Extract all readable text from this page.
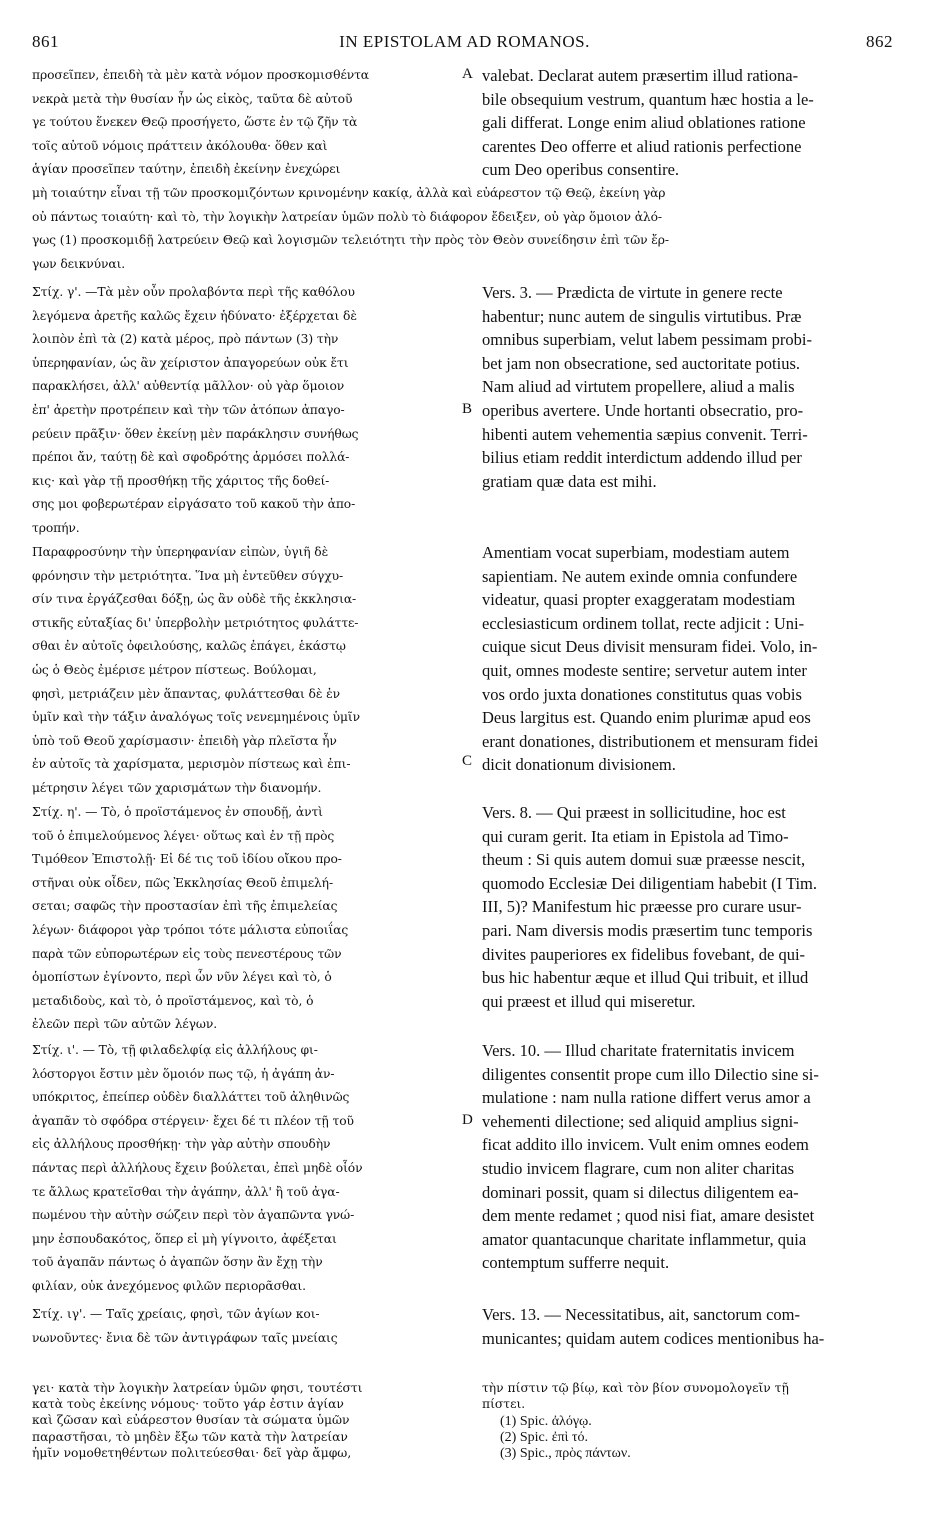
861	IN EPISTOLAM AD ROMANOS.	862

προσεῖπεν, ἐπειδὴ τὰ μὲν κατὰ νόμον προσκομισθέντα
νεκρὰ μετὰ τὴν θυσίαν ἦν ὡς εἰκὸς, ταῦτα δὲ αὐτοῦ
γε τούτου ἕνεκεν Θεῷ προσήγετο, ὥστε ἐν τῷ ζῆν τὰ
τοῖς αὐτοῦ νόμοις πράττειν ἀκόλουθα· ὅθεν καὶ
ἁγίαν προσεῖπεν ταύτην, ἐπειδὴ ἐκείνην ἐνεχώρει

A valebat. Declarat autem præsertim illud rationa-
bile obsequium vestrum, quantum hæc hostia a le-
gali differat. Longe enim aliud oblationes ratione
carentes Deo offerre et aliud rationis perfectione
cum Deo operibus consentire.

μὴ τοιαύτην εἶναι τῇ τῶν προσκομιζόντων κρινομένην κακίᾳ, ἀλλὰ καὶ εὐάρεστον τῷ Θεῷ, ἐκείνη γὰρ
οὐ πάντως τοιαύτη· καὶ τὸ, τὴν λογικὴν λατρείαν ὑμῶν πολὺ τὸ διάφορον ἔδειξεν, οὐ γὰρ ὅμοιον ἀλό-
γως (1) προσκομιδῇ λατρεύειν Θεῷ καὶ λογισμῶν τελειότητι τὴν πρὸς τὸν Θεὸν συνείδησιν ἐπὶ τῶν ἔρ-
γων δεικνύναι.

Στίχ. γ'. —Τὰ μὲν οὖν προλαβόντα περὶ τῆς καθόλου
λεγόμενα ἀρετῆς καλῶς ἔχειν ἡδύνατο· ἐξέρχεται δὲ
λοιπὸν ἐπὶ τὰ (2) κατὰ μέρος, πρὸ πάντων (3) τὴν
ὑπερηφανίαν, ὡς ἂν χείριστον ἀπαγορεύων οὐκ ἔτι
παρακλήσει, ἀλλ' αὐθεντίᾳ μᾶλλον· οὐ γὰρ ὅμοιον
ἐπ' ἀρετὴν προτρέπειν καὶ τὴν τῶν ἀτόπων ἀπαγο-
ρεύειν πρᾶξιν· ὅθεν ἐκείνῃ μὲν παράκλησιν συνήθως
πρέποι ἄν, ταύτῃ δὲ καὶ σφοδρότης ἁρμόσει πολλά-
κις· καὶ γὰρ τῇ προσθήκῃ τῆς χάριτος τῆς δοθεί-
σης μοι φοβερωτέραν εἰργάσατο τοῦ κακοῦ τὴν ἀπο-
τροπήν.

B

Vers. 3. — Prædicta de virtute in genere recte
habentur; nunc autem de singulis virtutibus. Præ
omnibus superbiam, velut labem pessimam probi-
bet jam non obsecratione, sed auctoritate potius.
Nam aliud ad virtutem propellere, aliud a malis
operibus avertere. Unde hortanti obsecratio, pro-
hibenti autem vehementia sæpius convenit. Terri-
bilius etiam reddit interdictum addendo illud per
gratiam quæ data est mihi.

Παραφροσύνην τὴν ὑπερηφανίαν εἰπὼν, ὑγιῆ δὲ
φρόνησιν τὴν μετριότητα. Ἵνα μὴ ἐντεῦθεν σύγχυ-
σίν τινα ἐργάζεσθαι δόξῃ, ὡς ἂν οὐδὲ τῆς ἐκκλησια-
στικῆς εὐταξίας δι' ὑπερβολὴν μετριότητος φυλάττε-
σθαι ἐν αὐτοῖς ὀφειλούσης, καλῶς ἐπάγει, ἑκάστῳ
ὡς ὁ Θεὸς ἐμέρισε μέτρον πίστεως. Βούλομαι,
φησὶ, μετριάζειν μὲν ἅπαντας, φυλάττεσθαι δὲ ἐν
ὑμῖν καὶ τὴν τάξιν ἀναλόγως τοῖς νενεμημένοις ὑμῖν
ὑπὸ τοῦ Θεοῦ χαρίσμασιν· ἐπειδὴ γὰρ πλεῖστα ἦν
ἐν αὐτοῖς τὰ χαρίσματα, μερισμὸν πίστεως καὶ ἐπι-
μέτρησιν λέγει τῶν χαρισμάτων τὴν διανομήν.

C

Amentiam vocat superbiam, modestiam autem
sapientiam. Ne autem exinde omnia confundere
videatur, quasi propter exaggeratam modestiam
ecclesiasticum ordinem tollat, recte adjicit : Uni-
cuique sicut Deus divisit mensuram fidei. Volo, in-
quit, omnes modeste sentire; servetur autem inter
vos ordo juxta donationes constitutus quas vobis
Deus largitus est. Quando enim plurimæ apud eos
erant donationes, distributionem et mensuram fidei
dicit donationum divisionem.

Στίχ. η'. — Τὸ, ὁ προϊστάμενος ἐν σπουδῇ, ἀντὶ
τοῦ ὁ ἐπιμελούμενος λέγει· οὕτως καὶ ἐν τῇ πρὸς
Τιμόθεον Ἐπιστολῇ· Εἰ δέ τις τοῦ ἰδίου οἴκου προ-
στῆναι οὐκ οἶδεν, πῶς Ἐκκλησίας Θεοῦ ἐπιμελή-
σεται; σαφῶς τὴν προστασίαν ἐπὶ τῆς ἐπιμελείας
λέγων· διάφοροι γὰρ τρόποι τότε μάλιστα εὐποιΐας
παρὰ τῶν εὐπορωτέρων εἰς τοὺς πενεστέρους τῶν
ὁμοπίστων ἐγίνοντο, περὶ ὧν νῦν λέγει καὶ τὸ, ὁ
μεταδιδοὺς, καὶ τὸ, ὁ προϊστάμενος, καὶ τὸ, ὁ
ἐλεῶν περὶ τῶν αὐτῶν λέγων.

Vers. 8. — Qui præest in sollicitudine, hoc est
qui curam gerit. Ita etiam in Epistola ad Timo-
theum : Si quis autem domui suæ præesse nescit,
quomodo Ecclesiæ Dei diligentiam habebit (I Tim.
III, 5)? Manifestum hic præesse pro curare usur-
pari. Nam diversis modis præsertim tunc temporis
divites pauperiores ex fidelibus fovebant, de qui-
bus hic habentur æque et illud Qui tribuit, et illud
qui præest et illud qui miseretur.

Στίχ. ι'. — Τὸ, τῇ φιλαδελφίᾳ εἰς ἀλλήλους φι-
λόστοργοι ἔστιν μὲν ὅμοιόν πως τῷ, ἡ ἀγάπη ἀν-
υπόκριτος, ἐπείπερ οὐδὲν διαλλάττει τοῦ ἀληθινῶς
ἀγαπᾶν τὸ σφόδρα στέργειν· ἔχει δέ τι πλέον τῇ τοῦ
εἰς ἀλλήλους προσθήκῃ· τὴν γὰρ αὐτὴν σπουδὴν
πάντας περὶ ἀλλήλους ἔχειν βούλεται, ἐπεὶ μηδὲ οἷόν
τε ἄλλως κρατεῖσθαι τὴν ἀγάπην, ἀλλ' ἢ τοῦ ἀγα-
πωμένου τὴν αὐτὴν σώζειν περὶ τὸν ἀγαπῶντα γνώ-
μην ἐσπουδακότος, ὅπερ εἰ μὴ γίγνοιτο, ἀφέξεται
τοῦ ἀγαπᾶν πάντως ὁ ἀγαπῶν ὅσην ἂν ἔχῃ τὴν
φιλίαν, οὐκ ἀνεχόμενος φιλῶν περιορᾶσθαι.

D

Vers. 10. — Illud charitate fraternitatis invicem
diligentes consentit prope cum illo Dilectio sine si-
mulatione : nam nulla ratione differt verus amor a
vehementi dilectione; sed aliquid amplius signi-
ficat addito illo invicem. Vult enim omnes eodem
studio invicem flagrare, cum non aliter charitas
dominari possit, quam si dilectus diligentem ea-
dem mente redamet ; quod nisi fiat, amare desistet
amator quantacunque charitate inflammetur, quia
contemptum sufferre nequit.

Στίχ. ιγ'. — Ταῖς χρείαις, φησὶ, τῶν ἁγίων κοι-
νωνοῦντες· ἔνια δὲ τῶν ἀντιγράφων ταῖς μνείαις

Vers. 13. — Necessitatibus, ait, sanctorum com-
municantes; quidam autem codices mentionibus ha-

γει· κατὰ τὴν λογικὴν λατρείαν ὑμῶν φησι, τουτέστι
κατὰ τοὺς ἐκείνης νόμους· τοῦτο γάρ ἐστιν ἁγίαν
καὶ ζῶσαν καὶ εὐάρεστον θυσίαν τὰ σώματα ὑμῶν
παραστῆσαι, τὸ μηδὲν ἔξω τῶν κατὰ τὴν λατρείαν
ἡμῖν νομοθετηθέντων πολιτεύεσθαι· δεῖ γὰρ ἄμφω,

τὴν πίστιν τῷ βίῳ, καὶ τὸν βίον συνομολογεῖν τῇ
πίστει.

(1) Spic. ἀλόγῳ.

(2) Spic. ἐπὶ τό.

(3) Spic., πρὸς πάντων.
